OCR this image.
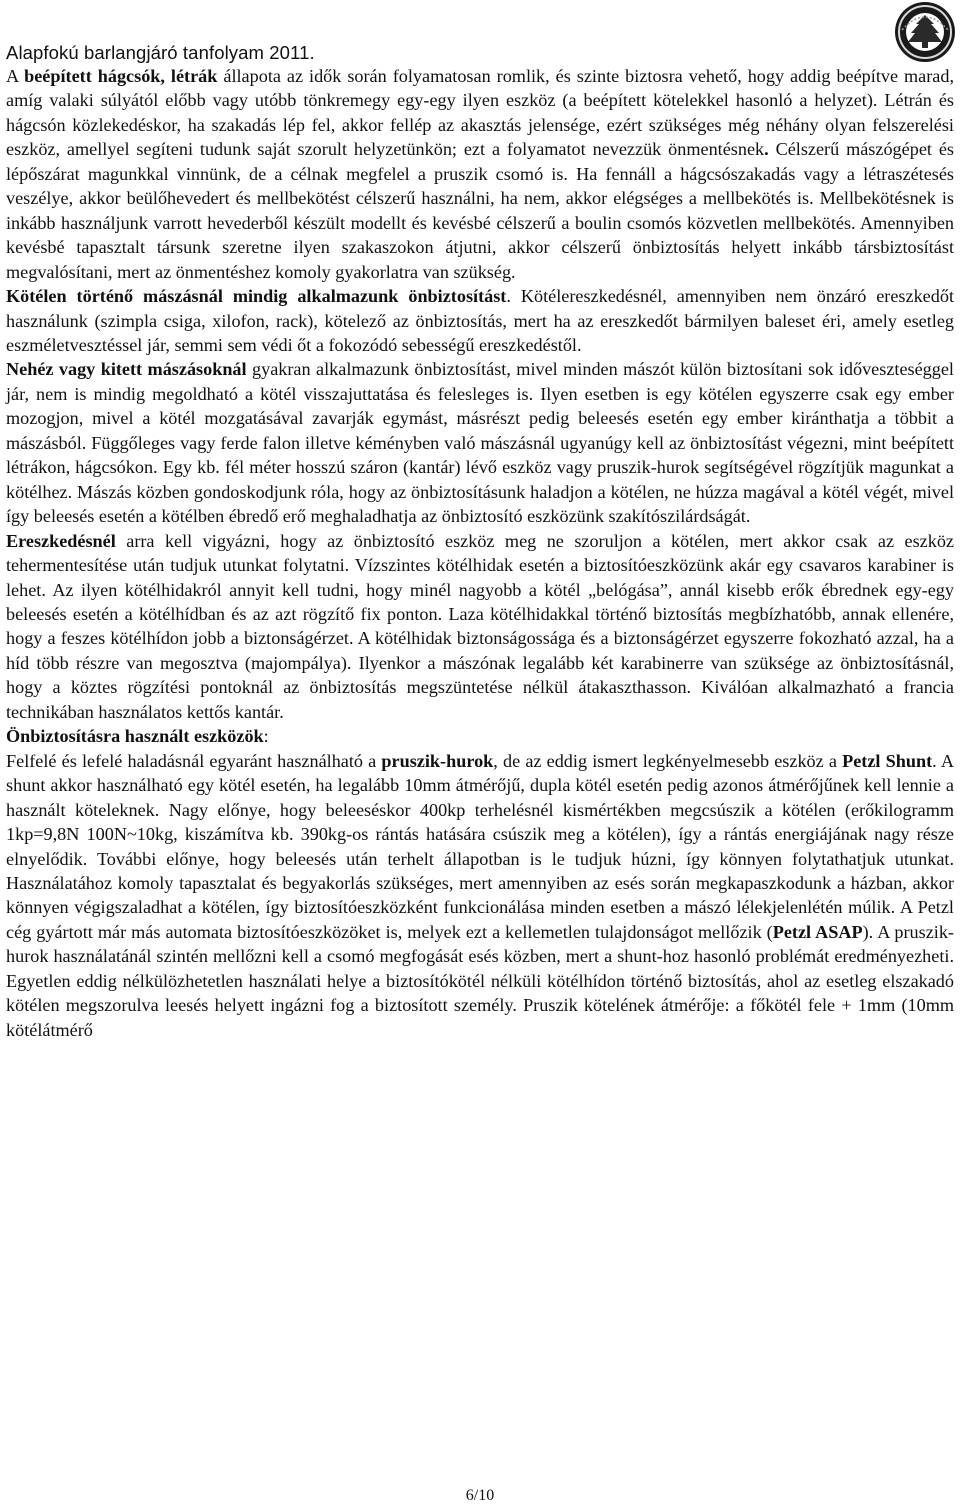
Alapfokú barlangjáró tanfolyam 2011.

A beépített hágcsók, létrák állapota az idők során folyamatosan romlik, és szinte biztosra vehető, hogy addig beépítve marad, amíg valaki súlyától előbb vagy utóbb tönkremegy egy-egy ilyen eszköz (a beépített kötelekkel hasonló a helyzet). Létrán és hágcsón közlekedéskor, ha szakadás lép fel, akkor fellép az akasztás jelensége, ezért szükséges még néhány olyan felszerelési eszköz, amellyel segíteni tudunk saját szorult helyzetünkön; ezt a folyamatot nevezzük önmentésnek. Célszerű mászógépet és lépőszárat magunkkal vinnünk, de a célnak megfelel a pruszik csomó is. Ha fennáll a hágcsószakadás vagy a létraszétesés veszélye, akkor beülőhevedert és mellbekötést célszerű használni, ha nem, akkor elégséges a mellbekötés is. Mellbekötésnek is inkább használjunk varrott hevederből készült modellt és kevésbé célszerű a boulin csomós közvetlen mellbekötés. Amennyiben kevésbé tapasztalt társunk szeretne ilyen szakaszokon átjutni, akkor célszerű önbiztosítás helyett inkább társbiztosítást megvalósítani, mert az önmentéshez komoly gyakorlatra van szükség.

Kötélen történő mászásnál mindig alkalmazunk önbiztosítást. Kötélereszkedésnél, amennyiben nem önzáró ereszkedőt használunk (szimpla csiga, xilofon, rack), kötelező az önbiztosítás, mert ha az ereszkedőt bármilyen baleset éri, amely esetleg eszméletvesztéssel jár, semmi sem védi őt a fokozódó sebességű ereszkedéstől.

Nehéz vagy kitett mászásoknál gyakran alkalmazunk önbiztosítást, mivel minden mászót külön biztosítani sok időveszteséggel jár, nem is mindig megoldható a kötél visszajuttatása és felesleges is. Ilyen esetben is egy kötélen egyszerre csak egy ember mozogjon, mivel a kötél mozgatásával zavarják egymást, másrészt pedig beleesés esetén egy ember kiránthatja a többit a mászásból. Függőleges vagy ferde falon illetve kéményben való mászásnál ugyanúgy kell az önbiztosítást végezni, mint beépített létrákon, hágcsókon. Egy kb. fél méter hosszú száron (kantár) lévő eszköz vagy pruszik-hurok segítségével rögzítjük magunkat a kötélhez. Mászás közben gondoskodjunk róla, hogy az önbiztosításunk haladjon a kötélen, ne húzza magával a kötél végét, mivel így beleesés esetén a kötélben ébredő erő meghaladhatja az önbiztosító eszközünk szakítószilárdságát.

Ereszkedésnél arra kell vigyázni, hogy az önbiztosító eszköz meg ne szoruljon a kötélen, mert akkor csak az eszköz tehermentesítése után tudjuk utunkat folytatni. Vízszintes kötélhidak esetén a biztosítóeszközünk akár egy csavaros karabiner is lehet. Az ilyen kötélhidakról annyit kell tudni, hogy minél nagyobb a kötél „belógása”, annál kisebb erők ébrednek egy-egy beleesés esetén a kötélhídban és az azt rögzítő fix ponton. Laza kötélhidakkal történő biztosítás megbízhatóbb, annak ellenére, hogy a feszes kötélhídon jobb a biztonságérzet. A kötélhidak biztonságossága és a biztonságérzet egyszerre fokozható azzal, ha a híd több részre van megosztva (majompálya). Ilyenkor a mászónak legalább két karabinerre van szüksége az önbiztosításnál, hogy a köztes rögzítési pontoknál az önbiztosítás megszüntetése nélkül átakaszthasson. Kiválóan alkalmazható a francia technikában használatos kettős kantár.

Önbiztosításra használt eszközök:

Felfelé és lefelé haladásnál egyaránt használható a pruszik-hurok, de az eddig ismert legkényelmesebb eszköz a Petzl Shunt. A shunt akkor használható egy kötél esetén, ha legalább 10mm átmérőjű, dupla kötél esetén pedig azonos átmérőjűnek kell lennie a használt köteleknek. Nagy előnye, hogy beleeséskor 400kp terhelésnél kismértékben megcsúszik a kötélen (erőkilogramm 1kp=9,8N 100N~10kg, kiszámítva kb. 390kg-os rántás hatására csúszik meg a kötélen), így a rántás energiájának nagy része elnyelődik. További előnye, hogy beleesés után terhelt állapotban is le tudjuk húzni, így könnyen folytathatjuk utunkat. Használatához komoly tapasztalat és begyakorlás szükséges, mert amennyiben az esés során megkapaszkodunk a házban, akkor könnyen végigszaladhat a kötélen, így biztosítóeszközként funkcionálása minden esetben a mászó lélekjelenlétén múlik. A Petzl cég gyártott már más automata biztosítóeszközöket is, melyek ezt a kellemetlen tulajdonságot mellőzik (Petzl ASAP). A pruszik-hurok használatánál szintén mellőzni kell a csomó megfogását esés közben, mert a shunt-hoz hasonló problémát eredményezheti. Egyetlen eddig nélkülözhetetlen használati helye a biztosítókötél nélküli kötélhídon történő biztosítás, ahol az esetleg elszakadó kötélen megszorulva leesés helyett ingázni fog a biztosított személy. Pruszik kötelének átmérője: a főkötél fele + 1mm (10mm kötélátmérő

6/10
